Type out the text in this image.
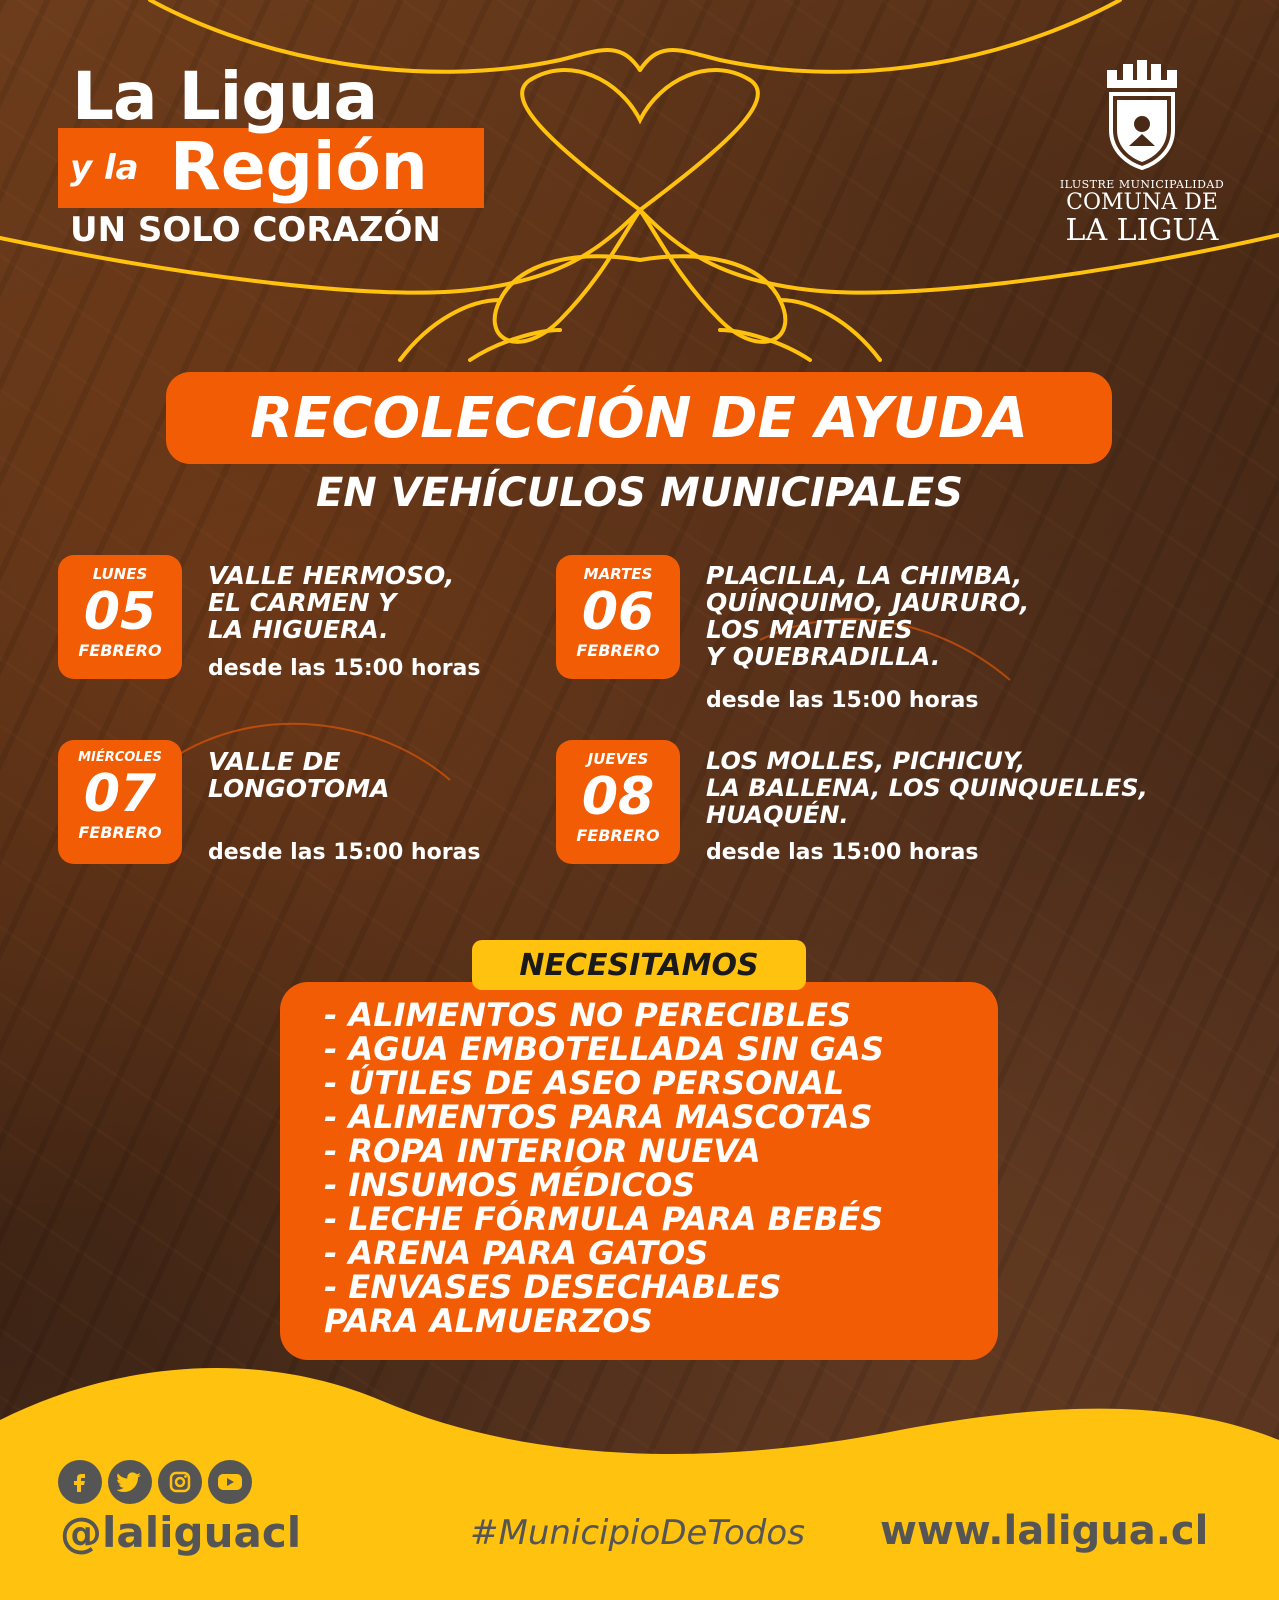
La Ligua
y la Región
UN SOLO CORAZÓN
ILUSTRE MUNICIPALIDAD
COMUNA DE
LA LIGUA
RECOLECCIÓN DE AYUDA
EN VEHÍCULOS MUNICIPALES
LUNES
05
FEBRERO
VALLE HERMOSO,
EL CARMEN Y
LA HIGUERA.
desde las 15:00 horas
MARTES
06
FEBRERO
PLACILLA, LA CHIMBA,
QUÍNQUIMO, JAURURO,
LOS MAITENES
Y QUEBRADILLA.
desde las 15:00 horas
MIÉRCOLES
07
FEBRERO
VALLE DE
LONGOTOMA
desde las 15:00 horas
JUEVES
08
FEBRERO
LOS MOLLES, PICHICUY,
LA BALLENA, LOS QUINQUELLES,
HUAQUÉN.
desde las 15:00 horas
NECESITAMOS
- ALIMENTOS NO PERECIBLES
- AGUA EMBOTELLADA SIN GAS
- ÚTILES DE ASEO PERSONAL
- ALIMENTOS PARA MASCOTAS
- ROPA INTERIOR NUEVA
- INSUMOS MÉDICOS
- LECHE FÓRMULA PARA BEBÉS
- ARENA PARA GATOS
- ENVASES DESECHABLES
PARA ALMUERZOS
@laliguacl	#MunicipioDeTodos www.laligua.cl
